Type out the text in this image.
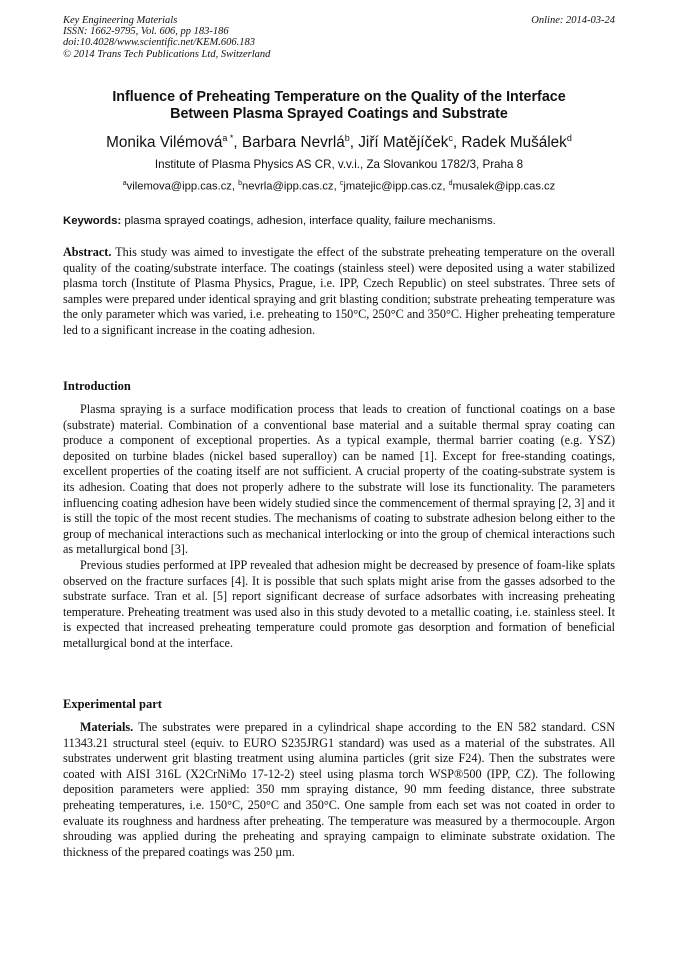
Key Engineering Materials
ISSN: 1662-9795, Vol. 606, pp 183-186
doi:10.4028/www.scientific.net/KEM.606.183
© 2014 Trans Tech Publications Ltd, Switzerland
Online: 2014-03-24
Influence of Preheating Temperature on the Quality of the Interface
Between Plasma Sprayed Coatings and Substrate
Monika Vilémová$^{a *}$, Barbara Nevrlá$^b$, Jiří Matějíček$^c$, Radek Mušálek$^d$
Institute of Plasma Physics AS CR, v.v.i., Za Slovankou 1782/3, Praha 8
$^a$vilemova@ipp.cas.cz, $^b$nevrla@ipp.cas.cz, $^c$jmatejic@ipp.cas.cz, $^d$musalek@ipp.cas.cz
Keywords: plasma sprayed coatings, adhesion, interface quality, failure mechanisms.

Abstract. This study was aimed to investigate the effect of the substrate preheating temperature on the overall quality of the coating/substrate interface. The coatings (stainless steel) were deposited using a water stabilized plasma torch (Institute of Plasma Physics, Prague, i.e. IPP, Czech Republic) on steel substrates. Three sets of samples were prepared under identical spraying and grit blasting condition; substrate preheating temperature was the only parameter which was varied, i.e. preheating to 150°C, 250°C and 350°C. Higher preheating temperature led to a significant increase in the coating adhesion.

Introduction

Plasma spraying is a surface modification process that leads to creation of functional coatings on a base (substrate) material. Combination of a conventional base material and a suitable thermal spray coating can produce a component of exceptional properties. As a typical example, thermal barrier coating (e.g. YSZ) deposited on turbine blades (nickel based superalloy) can be named [1]. Except for free-standing coatings, excellent properties of the coating itself are not sufficient. A crucial property of the coating-substrate system is its adhesion. Coating that does not properly adhere to the substrate will lose its functionality. The parameters influencing coating adhesion have been widely studied since the commencement of thermal spraying [2, 3] and it is still the topic of the most recent studies. The mechanisms of coating to substrate adhesion belong either to the group of mechanical interactions such as mechanical interlocking or into the group of chemical interactions such as metallurgical bond [3].

Previous studies performed at IPP revealed that adhesion might be decreased by presence of foam-like splats observed on the fracture surfaces [4]. It is possible that such splats might arise from the gasses adsorbed to the substrate surface. Tran et al. [5] report significant decrease of surface adsorbates with increasing preheating temperature. Preheating treatment was used also in this study devoted to a metallic coating, i.e. stainless steel. It is expected that increased preheating temperature could promote gas desorption and formation of beneficial metallurgical bond at the interface.

Experimental part

Materials. The substrates were prepared in a cylindrical shape according to the EN 582 standard. CSN 11343.21 structural steel (equiv. to EURO S235JRG1 standard) was used as a material of the substrates. All substrates underwent grit blasting treatment using alumina particles (grit size F24). Then the substrates were coated with AISI 316L (X2CrNiMo 17-12-2) steel using plasma torch WSP®500 (IPP, CZ). The following deposition parameters were applied: 350 mm spraying distance, 90 mm feeding distance, three substrate preheating temperatures, i.e. 150°C, 250°C and 350°C. One sample from each set was not coated in order to evaluate its roughness and hardness after preheating. The temperature was measured by a thermocouple. Argon shrouding was applied during the preheating and spraying campaign to eliminate substrate oxidation. The thickness of the prepared coatings was 250 µm.
